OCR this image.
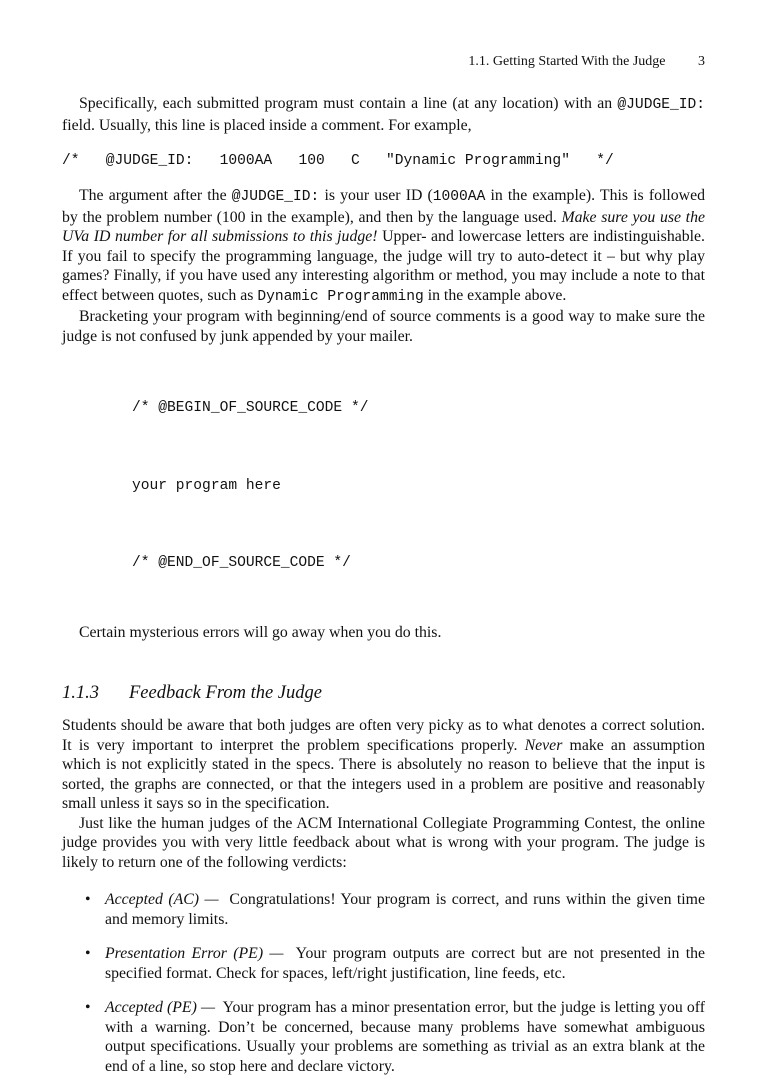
1.1. Getting Started With the Judge 3

Specifically, each submitted program must contain a line (at any location) with an @JUDGE_ID: field. Usually, this line is placed inside a comment. For example,

/*   @JUDGE_ID:   1000AA   100   C   "Dynamic Programming"   */

The argument after the @JUDGE_ID: is your user ID (1000AA in the example). This is followed by the problem number (100 in the example), and then by the language used. Make sure you use the UVa ID number for all submissions to this judge! Upper- and lowercase letters are indistinguishable. If you fail to specify the programming language, the judge will try to auto-detect it – but why play games? Finally, if you have used any interesting algorithm or method, you may include a note to that effect between quotes, such as Dynamic Programming in the example above.

Bracketing your program with beginning/end of source comments is a good way to make sure the judge is not confused by junk appended by your mailer.

/* @BEGIN_OF_SOURCE_CODE */

your program here

/* @END_OF_SOURCE_CODE */

Certain mysterious errors will go away when you do this.

1.1.3 Feedback From the Judge

Students should be aware that both judges are often very picky as to what denotes a correct solution. It is very important to interpret the problem specifications properly. Never make an assumption which is not explicitly stated in the specs. There is absolutely no reason to believe that the input is sorted, the graphs are connected, or that the integers used in a problem are positive and reasonably small unless it says so in the specification.

Just like the human judges of the ACM International Collegiate Programming Contest, the online judge provides you with very little feedback about what is wrong with your program. The judge is likely to return one of the following verdicts:

• Accepted (AC) — Congratulations! Your program is correct, and runs within the given time and memory limits.
• Presentation Error (PE) — Your program outputs are correct but are not presented in the specified format. Check for spaces, left/right justification, line feeds, etc.
• Accepted (PE) — Your program has a minor presentation error, but the judge is letting you off with a warning. Don’t be concerned, because many problems have somewhat ambiguous output specifications. Usually your problems are something as trivial as an extra blank at the end of a line, so stop here and declare victory.
